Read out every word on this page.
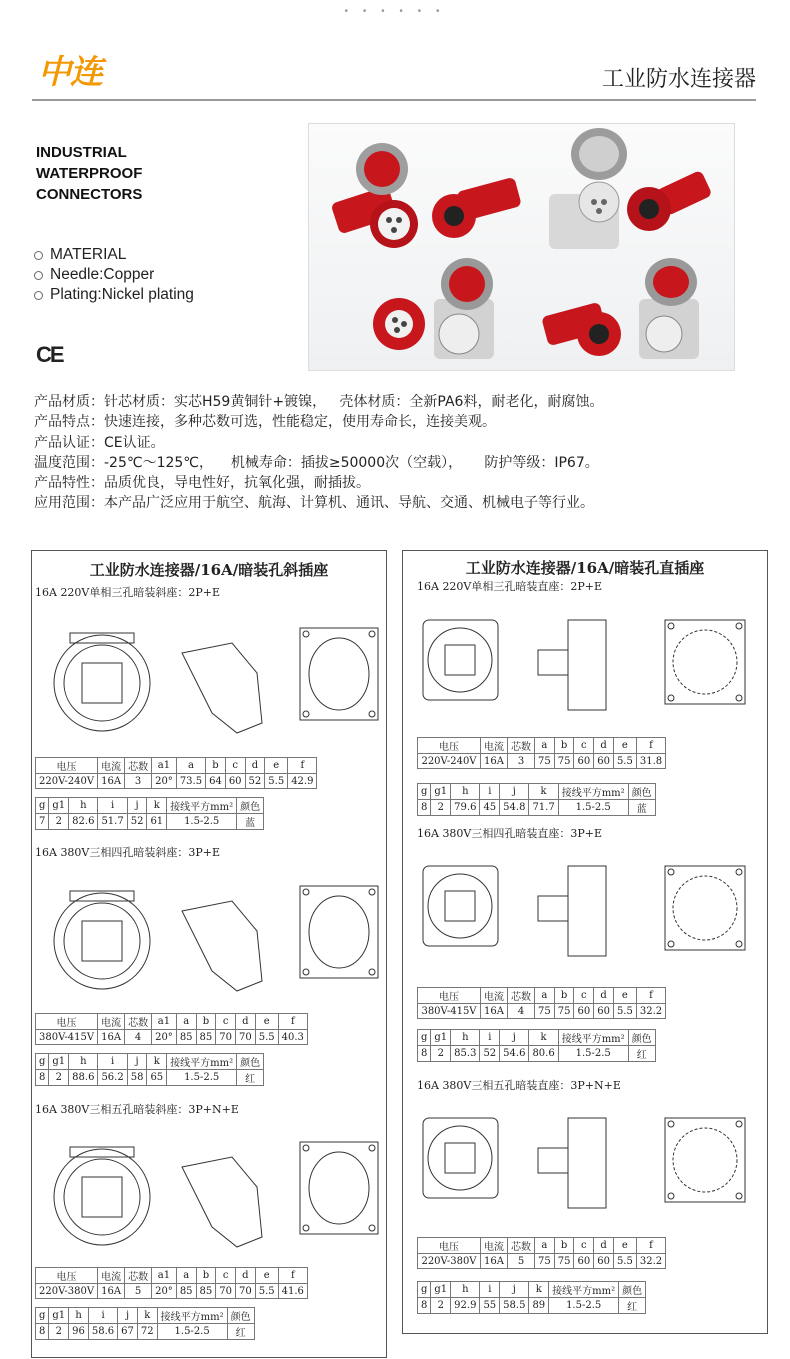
• • • • • •
中连	工业防水连接器
INDUSTRIAL
WATERPROOF
CONNECTORS
MATERIAL
Needle:Copper
Plating:Nickel plating
CE
产品材质：针芯材质：实芯H59黄铜针+镀镍，   壳体材质：全新PA6料，耐老化，耐腐蚀。
产品特点：快速连接，多种芯数可选，性能稳定，使用寿命长，连接美观。
产品认证：CE认证。
温度范围：-25℃～125℃，    机械寿命：插拔≥50000次（空载），     防护等级：IP67。
产品特性：品质优良，导电性好，抗氧化强，耐插拔。
应用范围：本产品广泛应用于航空、航海、计算机、通讯、导航、交通、机械电子等行业。
工业防水连接器/16A/暗装孔斜插座
16A 220V单相三孔暗装斜座：2P+E
电压	电流	芯数	a1	a	b	c	d	e	f
220V-240V	16A	3	20°	73.5	64	60	52	5.5	42.9
g	g1	h	i	j	k	接线平方mm²	颜色
7	2	82.6	51.7	52	61	1.5-2.5	蓝
16A 380V三相四孔暗装斜座：3P+E
电压	电流	芯数	a1	a	b	c	d	e	f
380V-415V	16A	4	20°	85	85	70	70	5.5	40.3
g	g1	h	i	j	k	接线平方mm²	颜色
8	2	88.6	56.2	58	65	1.5-2.5	红
16A 380V三相五孔暗装斜座：3P+N+E
电压	电流	芯数	a1	a	b	c	d	e	f
220V-380V	16A	5	20°	85	85	70	70	5.5	41.6
g	g1	h	i	j	k	接线平方mm²	颜色
8	2	96	58.6	67	72	1.5-2.5	红
工业防水连接器/16A/暗装孔直插座
16A 220V单相三孔暗装直座：2P+E
电压	电流	芯数	a	b	c	d	e	f
220V-240V	16A	3	75	75	60	60	5.5	31.8
g	g1	h	i	j	k	接线平方mm²	颜色
8	2	79.6	45	54.8	71.7	1.5-2.5	蓝
16A 380V三相四孔暗装直座：3P+E
电压	电流	芯数	a	b	c	d	e	f
380V-415V	16A	4	75	75	60	60	5.5	32.2
g	g1	h	i	j	k	接线平方mm²	颜色
8	2	85.3	52	54.6	80.6	1.5-2.5	红
16A 380V三相五孔暗装直座：3P+N+E
电压	电流	芯数	a	b	c	d	e	f
220V-380V	16A	5	75	75	60	60	5.5	32.2
g	g1	h	i	j	k	接线平方mm²	颜色
8	2	92.9	55	58.5	89	1.5-2.5	红
